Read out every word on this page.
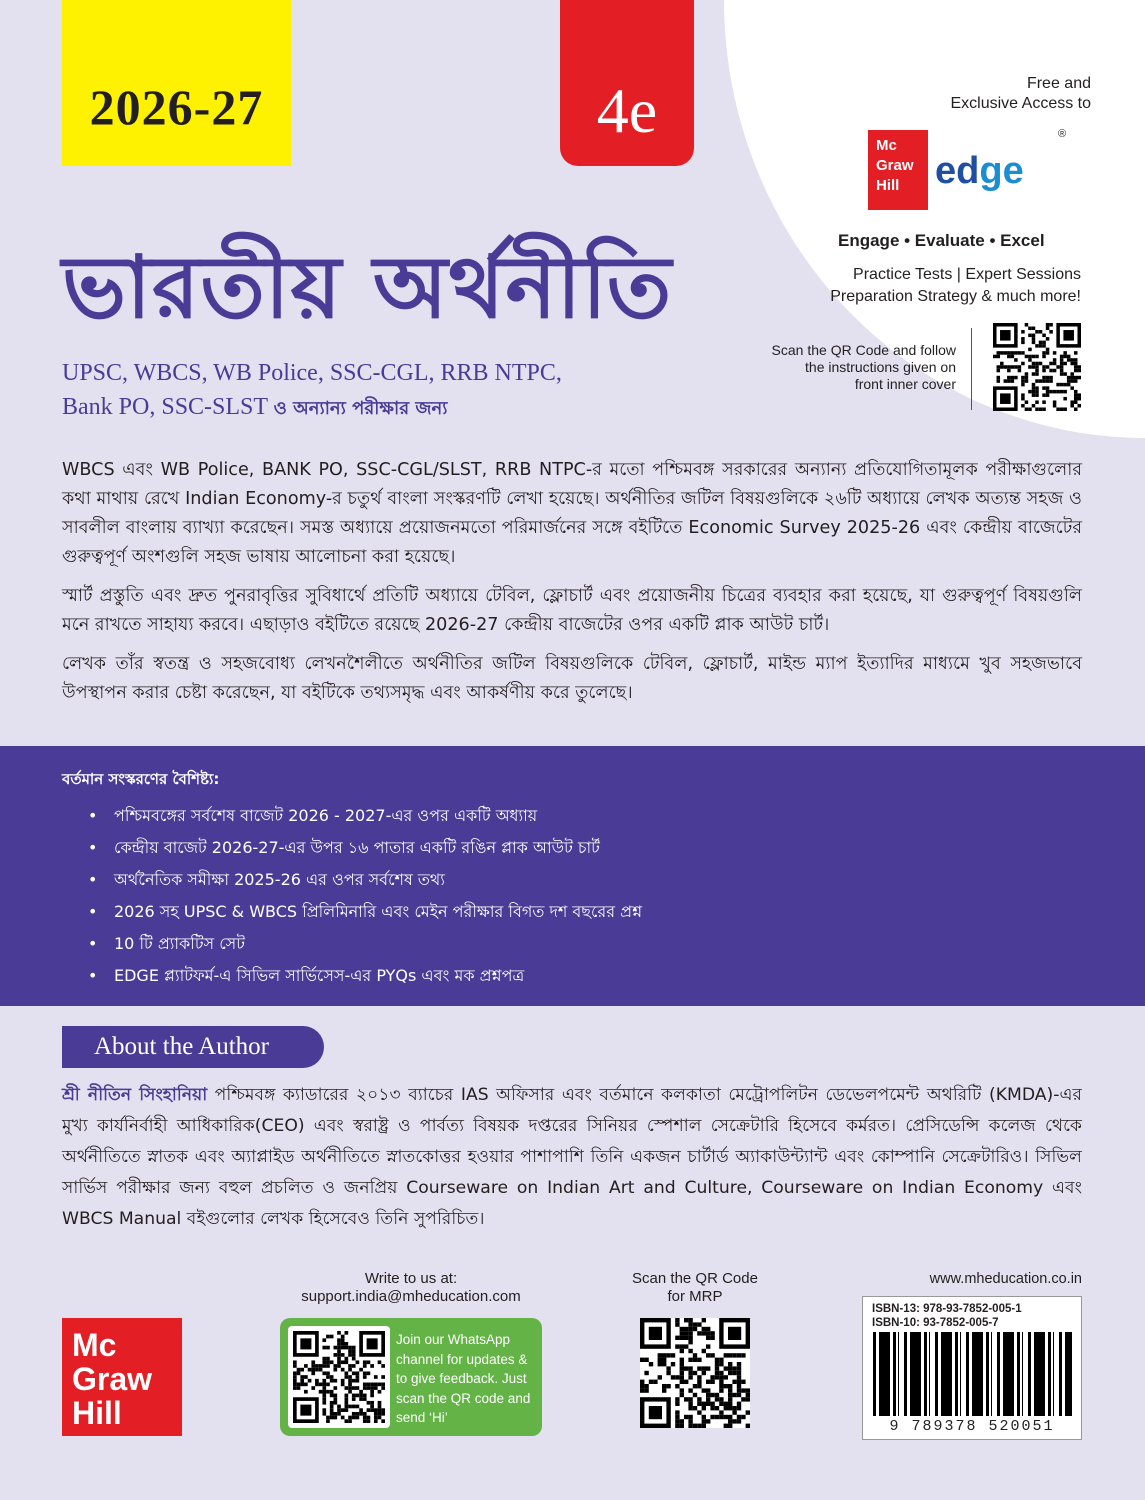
2026-27	4e	Free and
Exclusive Access to
Mc
Graw
Hill edge
®
Engage • Evaluate • Excel
Practice Tests | Expert Sessions
Preparation Strategy & much more!
Scan the QR Code and follow
the instructions given on
front inner cover
ভারতীয় অর্থনীতি
UPSC, WBCS, WB Police, SSC-CGL, RRB NTPC,
Bank PO, SSC-SLST ও অন্যান্য পরীক্ষার জন্য

WBCS এবং WB Police, BANK PO, SSC-CGL/SLST, RRB NTPC-র মতো পশ্চিমবঙ্গ সরকারের অন্যান্য প্রতিযোগিতামূলক পরীক্ষাগুলোর কথা মাথায় রেখে Indian Economy-র চতুর্থ বাংলা সংস্করণটি লেখা হয়েছে। অর্থনীতির জটিল বিষয়গুলিকে ২৬টি অধ্যায়ে লেখক অত্যন্ত সহজ ও সাবলীল বাংলায় ব্যাখ্যা করেছেন। সমস্ত অধ্যায়ে প্রয়োজনমতো পরিমার্জনের সঙ্গে বইটিতে Economic Survey 2025-26 এবং কেন্দ্রীয় বাজেটের গুরুত্বপূর্ণ অংশগুলি সহজ ভাষায় আলোচনা করা হয়েছে।

স্মার্ট প্রস্তুতি এবং দ্রুত পুনরাবৃত্তির সুবিধার্থে প্রতিটি অধ্যায়ে টেবিল, ফ্লোচার্ট এবং প্রয়োজনীয় চিত্রের ব্যবহার করা হয়েছে, যা গুরুত্বপূর্ণ বিষয়গুলি মনে রাখতে সাহায্য করবে। এছাড়াও বইটিতে রয়েছে 2026-27 কেন্দ্রীয় বাজেটের ওপর একটি প্লাক আউট চার্ট।

লেখক তাঁর স্বতন্ত্র ও সহজবোধ্য লেখনশৈলীতে অর্থনীতির জটিল বিষয়গুলিকে টেবিল, ফ্লোচার্ট, মাইন্ড ম্যাপ ইত্যাদির মাধ্যমে খুব সহজভাবে উপস্থাপন করার চেষ্টা করেছেন, যা বইটিকে তথ্যসমৃদ্ধ এবং আকর্ষণীয় করে তুলেছে।

বর্তমান সংস্করণের বৈশিষ্ট্য:
• পশ্চিমবঙ্গের সর্বশেষ বাজেট 2026 - 2027-এর ওপর একটি অধ্যায়
• কেন্দ্রীয় বাজেট 2026-27-এর উপর ১৬ পাতার একটি রঙিন প্লাক আউট চার্ট
• অর্থনৈতিক সমীক্ষা 2025-26 এর ওপর সর্বশেষ তথ্য
• 2026 সহ UPSC & WBCS প্রিলিমিনারি এবং মেইন পরীক্ষার বিগত দশ বছরের প্রশ্ন
• 10 টি প্র্যাকটিস সেট
• EDGE প্ল্যাটফর্ম-এ সিভিল সার্ভিসেস-এর PYQs এবং মক প্রশ্নপত্র
About the Author
শ্রী নীতিন সিংহানিয়া পশ্চিমবঙ্গ ক্যাডারের ২০১৩ ব্যাচের IAS অফিসার এবং বর্তমানে কলকাতা মেট্রোপলিটন ডেভেলপমেন্ট অথরিটি (KMDA)-এর মুখ্য কার্যনির্বাহী আধিকারিক(CEO) এবং স্বরাষ্ট্র ও পার্বত্য বিষয়ক দপ্তরের সিনিয়র স্পেশাল সেক্রেটারি হিসেবে কর্মরত। প্রেসিডেন্সি কলেজ থেকে অর্থনীতিতে স্নাতক এবং অ্যাপ্লাইড অর্থনীতিতে স্নাতকোত্তর হওয়ার পাশাপাশি তিনি একজন চার্টার্ড অ্যাকাউন্ট্যান্ট এবং কোম্পানি সেক্রেটারিও। সিভিল সার্ভিস পরীক্ষার জন্য বহুল প্রচলিত ও জনপ্রিয় Courseware on Indian Art and Culture, Courseware on Indian Economy এবং WBCS Manual বইগুলোর লেখক হিসেবেও তিনি সুপরিচিত।
Mc
Graw
Hill
Write to us at:
support.india@mheducation.com
Join our WhatsApp channel for updates & to give feedback. Just scan the QR code and send ‘Hi’
Scan the QR Code
for MRP
www.mheducation.co.in
ISBN-13: 978-93-7852-005-1
ISBN-10: 93-7852-005-7
9 789378 520051
